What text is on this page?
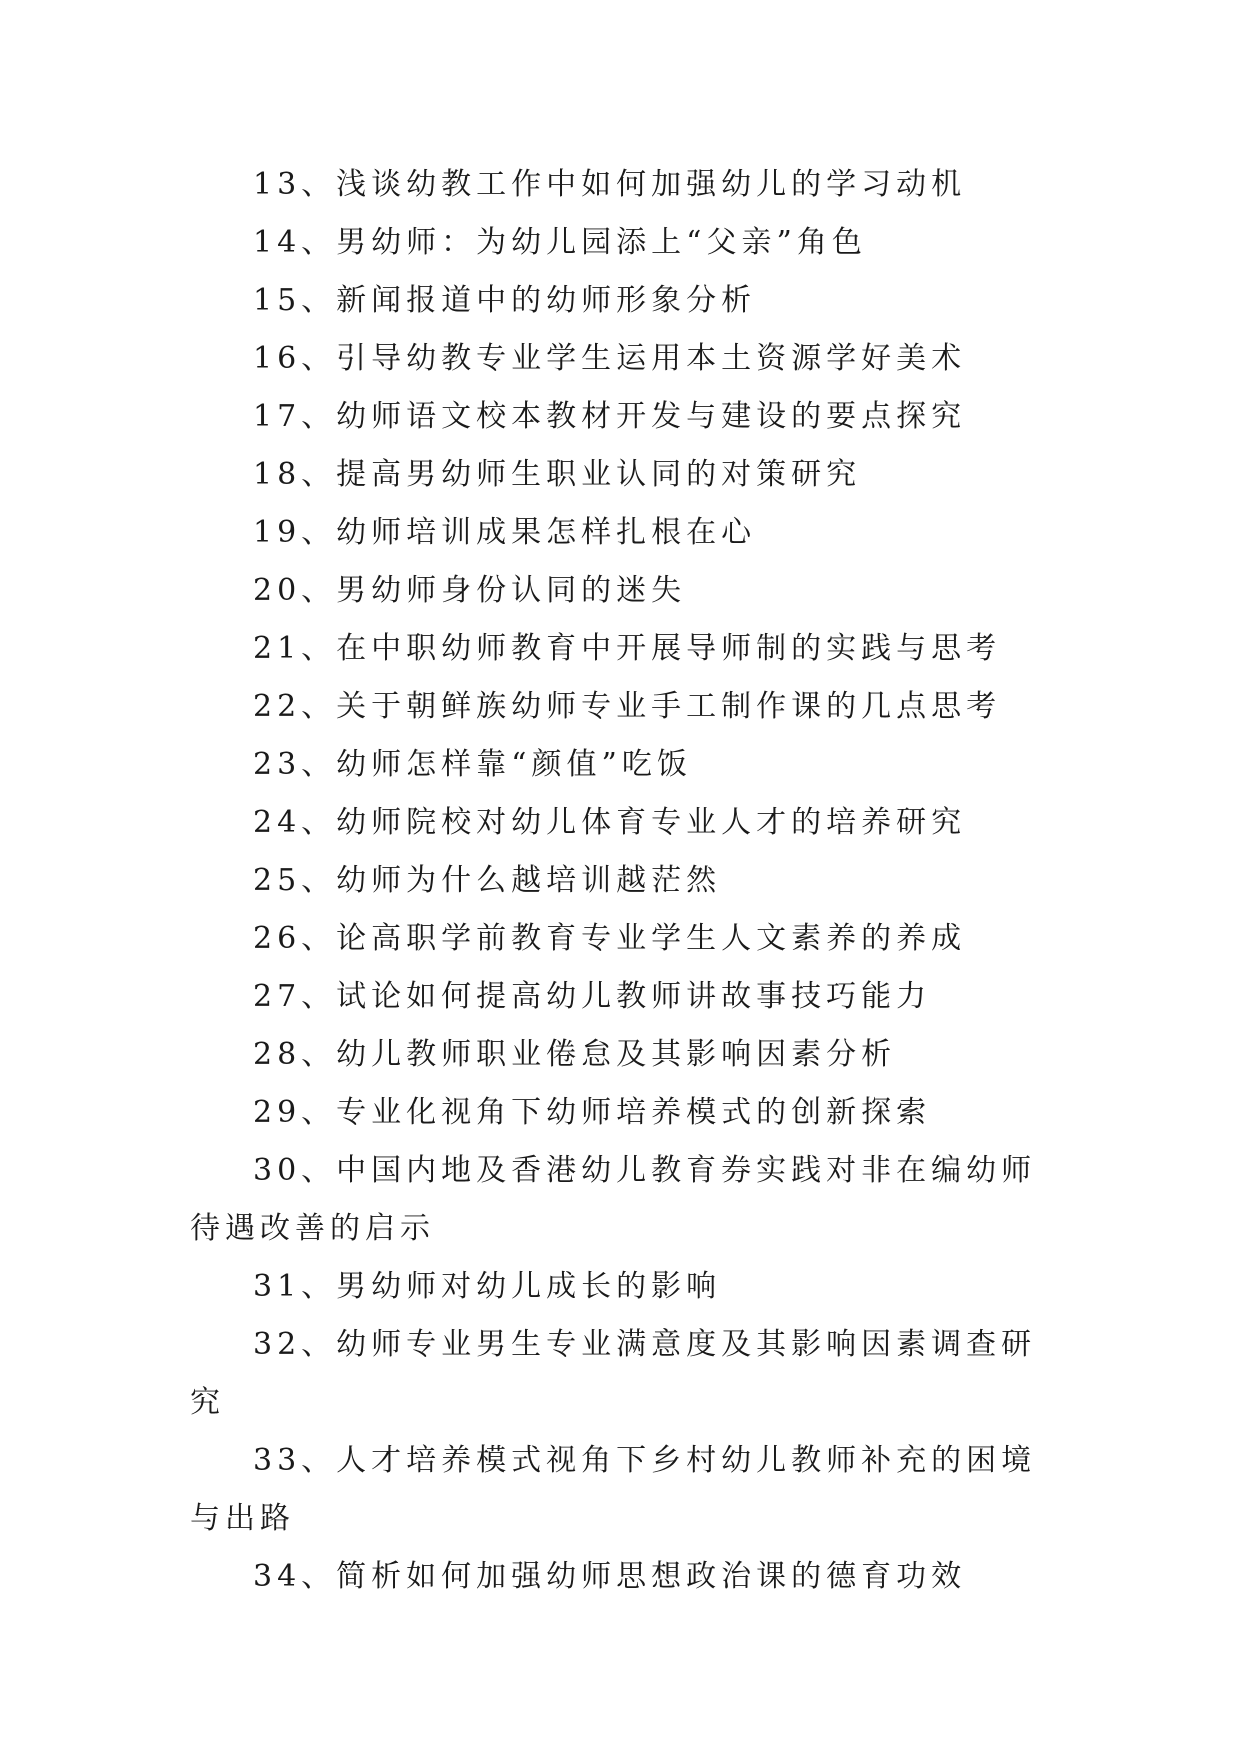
13、浅谈幼教工作中如何加强幼儿的学习动机

14、男幼师：为幼儿园添上“父亲”角色

15、新闻报道中的幼师形象分析

16、引导幼教专业学生运用本土资源学好美术

17、幼师语文校本教材开发与建设的要点探究

18、提高男幼师生职业认同的对策研究

19、幼师培训成果怎样扎根在心

20、男幼师身份认同的迷失

21、在中职幼师教育中开展导师制的实践与思考

22、关于朝鲜族幼师专业手工制作课的几点思考

23、幼师怎样靠“颜值”吃饭

24、幼师院校对幼儿体育专业人才的培养研究

25、幼师为什么越培训越茫然

26、论高职学前教育专业学生人文素养的养成

27、试论如何提高幼儿教师讲故事技巧能力

28、幼儿教师职业倦怠及其影响因素分析

29、专业化视角下幼师培养模式的创新探索

30、中国内地及香港幼儿教育券实践对非在编幼师待遇改善的启示

31、男幼师对幼儿成长的影响

32、幼师专业男生专业满意度及其影响因素调查研究

33、人才培养模式视角下乡村幼儿教师补充的困境与出路

34、简析如何加强幼师思想政治课的德育功效
